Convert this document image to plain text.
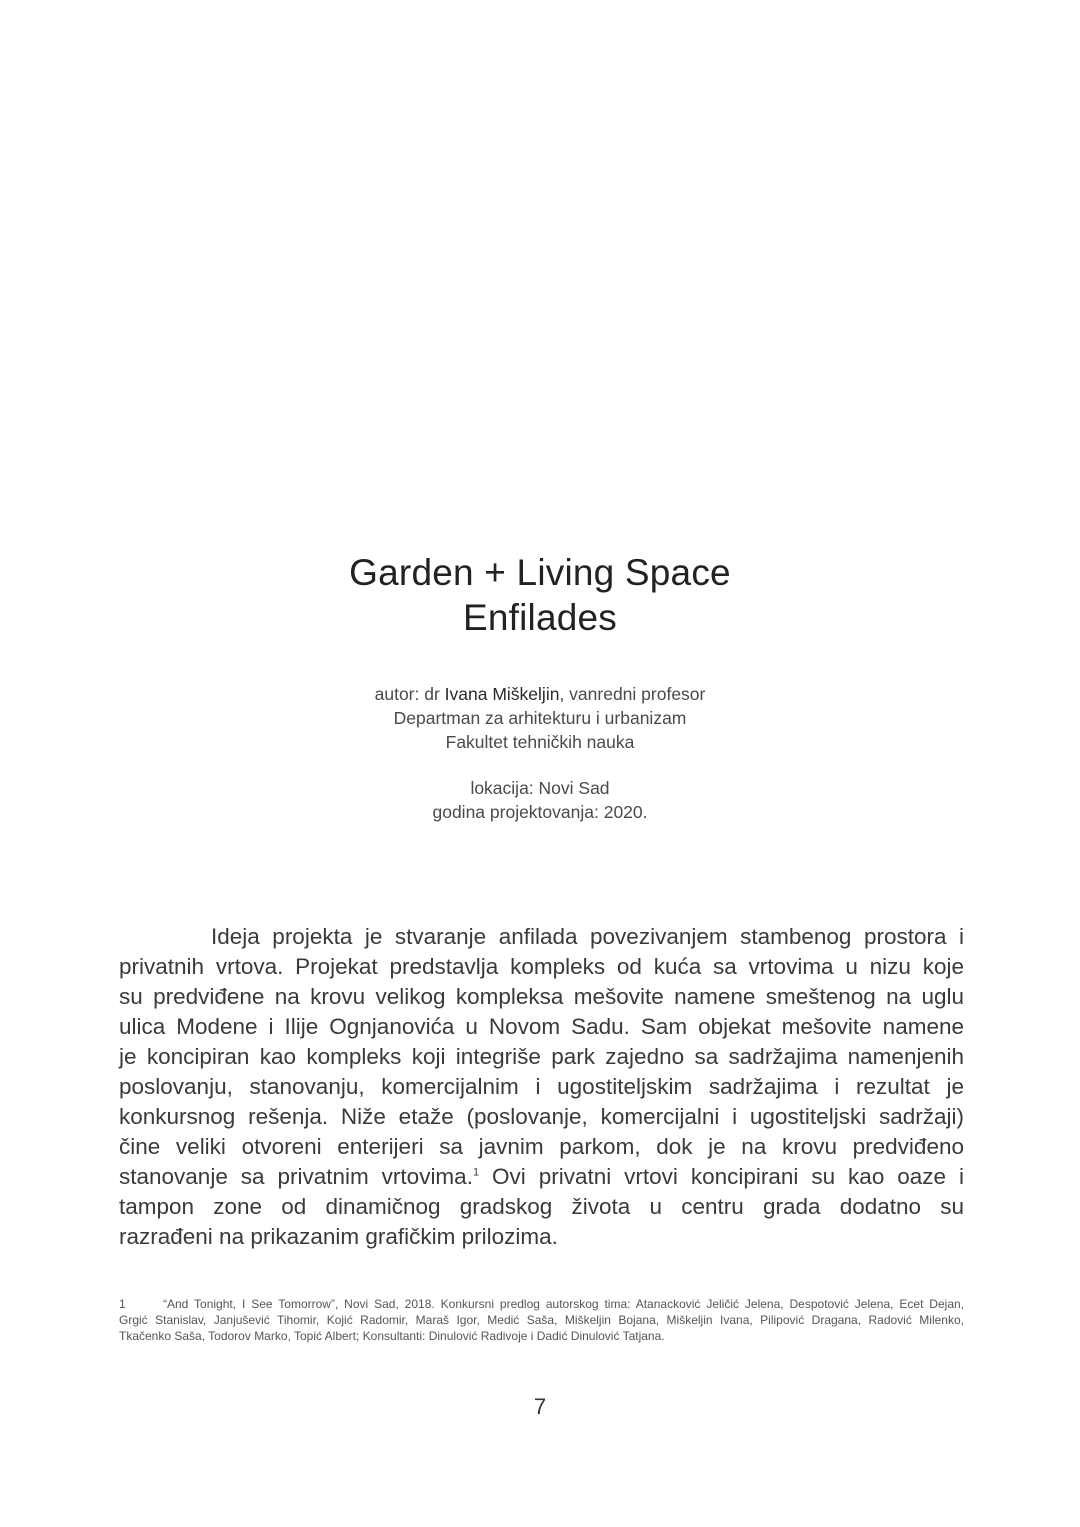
Garden + Living Space
Enfilades
autor: dr Ivana Miškeljin, vanredni profesor
Departman za arhitekturu i urbanizam
Fakultet tehničkih nauka
lokacija: Novi Sad
godina projektovanja: 2020.
Ideja projekta je stvaranje anfilada povezivanjem stambenog prostora i
privatnih vrtova. Projekat predstavlja kompleks od kuća sa vrtovima u nizu koje
su predviđene na krovu velikog kompleksa mešovite namene smeštenog na uglu
ulica Modene i Ilije Ognjanovića u Novom Sadu. Sam objekat mešovite namene
je koncipiran kao kompleks koji integriše park zajedno sa sadržajima namenjenih
poslovanju, stanovanju, komercijalnim i ugostiteljskim sadržajima i rezultat je
konkursnog rešenja. Niže etaže (poslovanje, komercijalni i ugostiteljski sadržaji)
čine veliki otvoreni enterijeri sa javnim parkom, dok je na krovu predviđeno
stanovanje sa privatnim vrtovima.$^1$ Ovi privatni vrtovi koncipirani su kao oaze i
tampon zone od dinamičnog gradskog života u centru grada dodatno su
razrađeni na prikazanim grafičkim prilozima.
1	“And Tonight, I See Tomorrow”, Novi Sad, 2018. Konkursni predlog autorskog tima: Atanacković Jeličić Jelena, Despotović Jelena, Ecet Dejan,
Grgić Stanislav, Janjušević Tihomir, Kojić Radomir, Maraš Igor, Medić Saša, Miškeljin Bojana, Miškeljin Ivana, Pilipović Dragana, Radović Milenko,
Tkačenko Saša, Todorov Marko, Topić Albert; Konsultanti: Dinulović Radivoje i Dadić Dinulović Tatjana.
7
